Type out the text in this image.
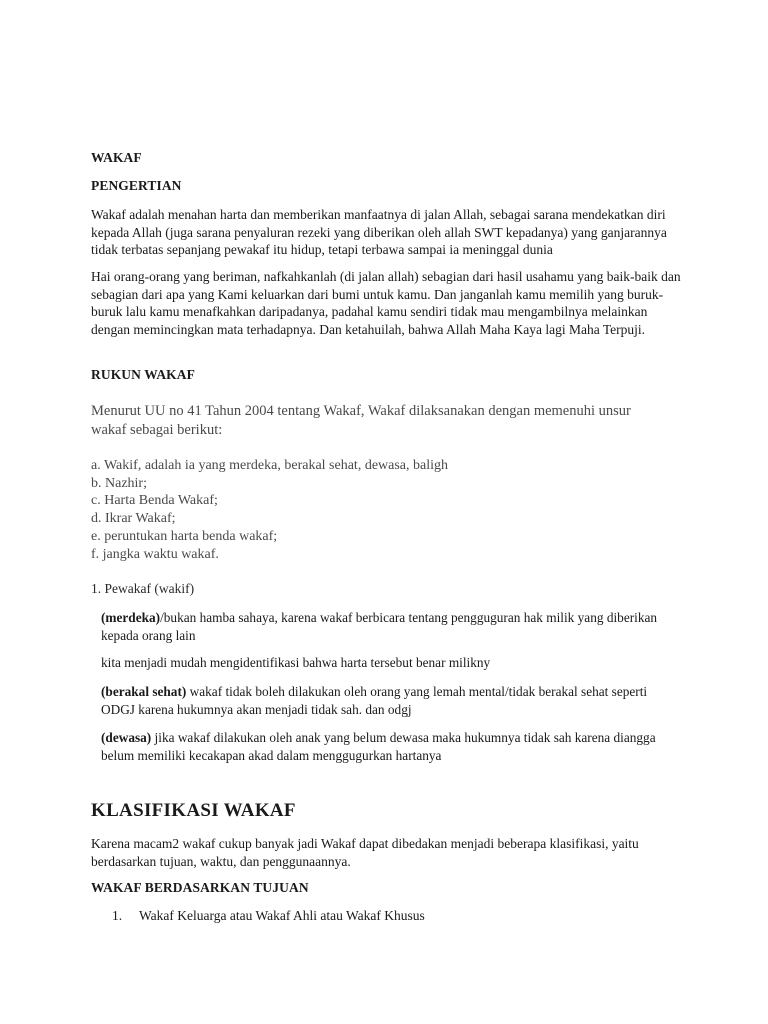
WAKAF
PENGERTIAN
Wakaf adalah menahan harta dan memberikan manfaatnya di jalan Allah, sebagai sarana mendekatkan diri kepada Allah (juga sarana penyaluran rezeki yang diberikan oleh allah SWT kepadanya) yang ganjarannya tidak terbatas sepanjang pewakaf itu hidup, tetapi terbawa sampai ia meninggal dunia
Hai orang-orang yang beriman, nafkahkanlah (di jalan allah) sebagian dari hasil usahamu yang baik-baik dan sebagian dari apa yang Kami keluarkan dari bumi untuk kamu. Dan janganlah kamu memilih yang buruk-buruk lalu kamu menafkahkan daripadanya, padahal kamu sendiri tidak mau mengambilnya melainkan dengan memincingkan mata terhadapnya. Dan ketahuilah, bahwa Allah Maha Kaya lagi Maha Terpuji.
RUKUN WAKAF
Menurut UU no 41 Tahun 2004 tentang Wakaf, Wakaf dilaksanakan dengan memenuhi unsur wakaf sebagai berikut:
a. Wakif, adalah ia yang merdeka, berakal sehat, dewasa, baligh
b. Nazhir;
c. Harta Benda Wakaf;
d. Ikrar Wakaf;
e. peruntukan harta benda wakaf;
f. jangka waktu wakaf.
1. Pewakaf (wakif)
(merdeka)/bukan hamba sahaya, karena wakaf berbicara tentang pengguguran hak milik yang diberikan kepada orang lain
kita menjadi mudah mengidentifikasi bahwa harta tersebut benar milikny
(berakal sehat) wakaf tidak boleh dilakukan oleh orang yang lemah mental/tidak berakal sehat seperti ODGJ karena hukumnya akan menjadi tidak sah. dan odgj
(dewasa) jika wakaf dilakukan oleh anak yang belum dewasa maka hukumnya tidak sah karena diangga belum memiliki kecakapan akad dalam menggugurkan hartanya
KLASIFIKASI WAKAF
Karena macam2 wakaf cukup banyak jadi Wakaf dapat dibedakan menjadi beberapa klasifikasi, yaitu berdasarkan tujuan, waktu, dan penggunaannya.
WAKAF BERDASARKAN TUJUAN
1. Wakaf Keluarga atau Wakaf Ahli atau Wakaf Khusus
